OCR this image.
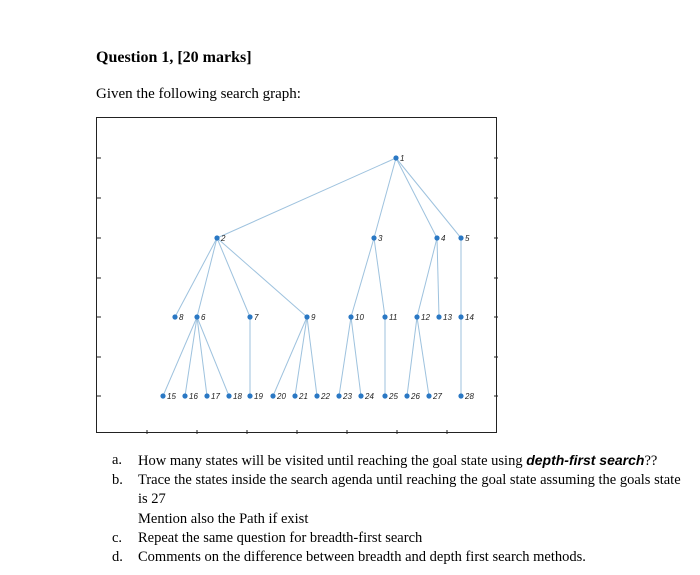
Question 1, [20 marks]
Given the following search graph:
1
2	3	4 5
8 6	7	9	10	11	12 13 14
15 16 17 18 19 20 21 22 23 24 25 26 27	28
a. How many states will be visited until reaching the goal state using depth-first search??
b. Trace the states inside the search agenda until reaching the goal state assuming the goals state is 27
Mention also the Path if exist
c. Repeat the same question for breadth-first search
d. Comments on the difference between breadth and depth first search methods.
